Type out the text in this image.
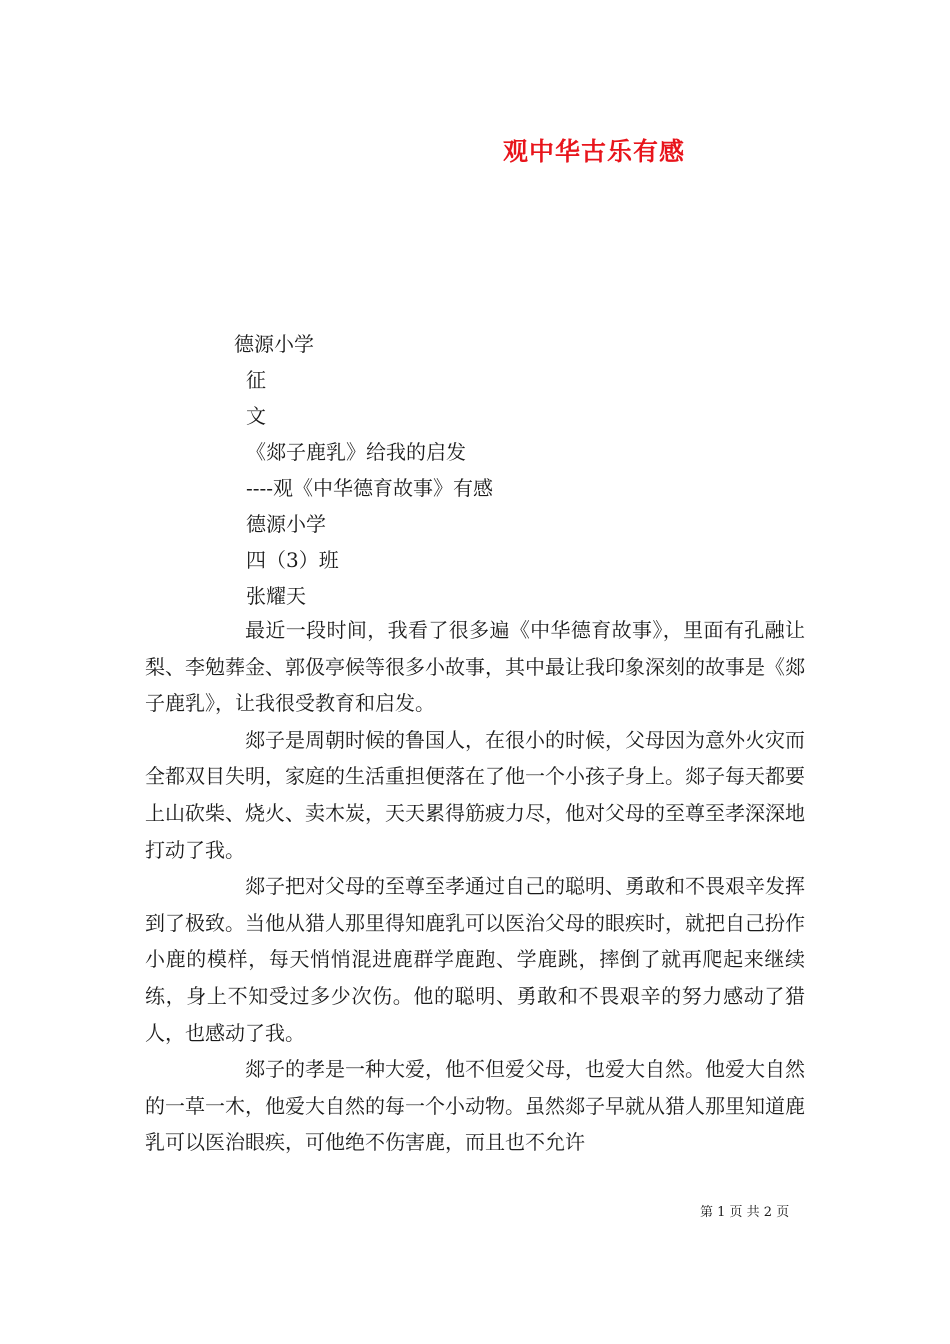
观中华古乐有感
德源小学
征
文
《郯子鹿乳》给我的启发
----观《中华德育故事》有感
德源小学
四（3）班
张耀天

最近一段时间，我看了很多遍《中华德育故事》，里面有孔融让梨、李勉葬金、郭伋亭候等很多小故事，其中最让我印象深刻的故事是《郯子鹿乳》，让我很受教育和启发。

郯子是周朝时候的鲁国人，在很小的时候，父母因为意外火灾而全都双目失明，家庭的生活重担便落在了他一个小孩子身上。郯子每天都要上山砍柴、烧火、卖木炭，天天累得筋疲力尽，他对父母的至尊至孝深深地打动了我。

郯子把对父母的至尊至孝通过自己的聪明、勇敢和不畏艰辛发挥到了极致。当他从猎人那里得知鹿乳可以医治父母的眼疾时，就把自己扮作小鹿的模样，每天悄悄混进鹿群学鹿跑、学鹿跳，摔倒了就再爬起来继续练，身上不知受过多少次伤。他的聪明、勇敢和不畏艰辛的努力感动了猎人，也感动了我。

郯子的孝是一种大爱，他不但爱父母，也爱大自然。他爱大自然的一草一木，他爱大自然的每一个小动物。虽然郯子早就从猎人那里知道鹿乳可以医治眼疾，可他绝不伤害鹿，而且也不允许

第 1 页 共 2 页
